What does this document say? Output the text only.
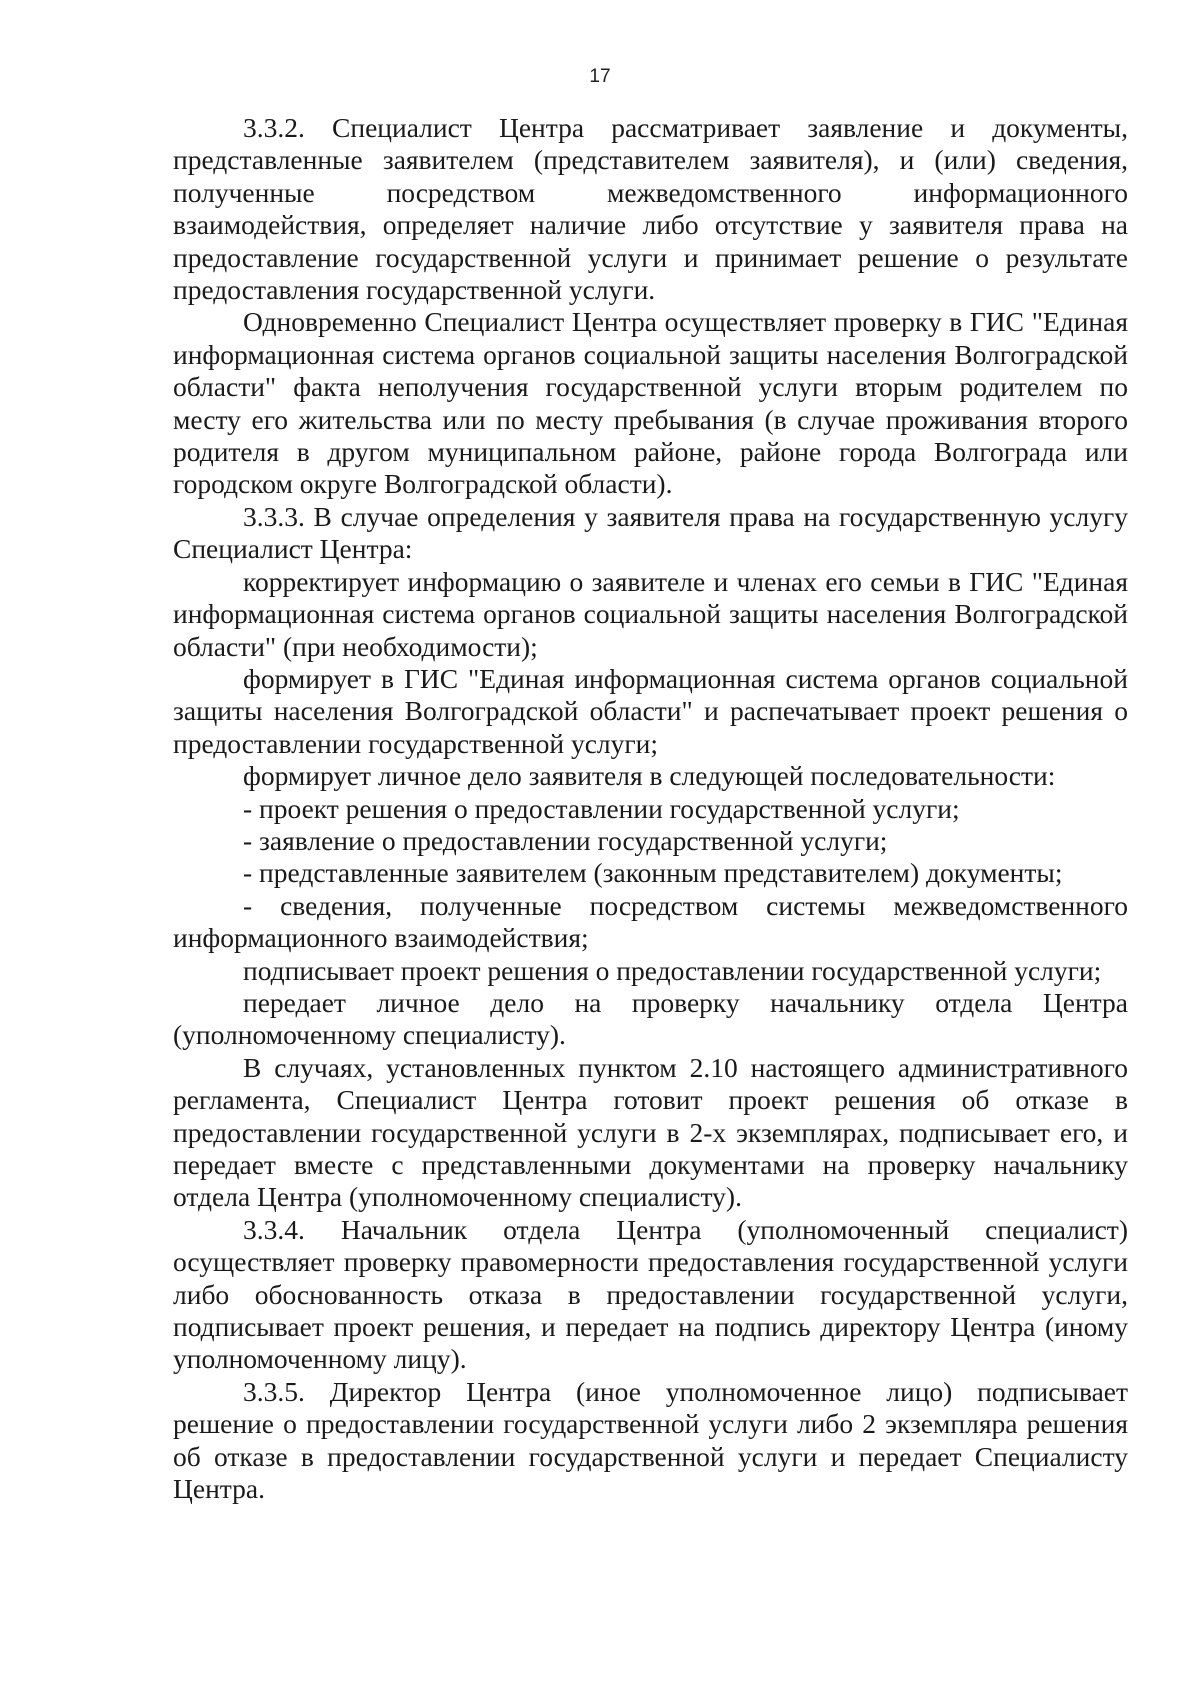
17

3.3.2. Специалист Центра рассматривает заявление и документы, представленные заявителем (представителем заявителя), и (или) сведения, полученные посредством межведомственного информационного взаимодействия, определяет наличие либо отсутствие у заявителя права на предоставление государственной услуги и принимает решение о результате предоставления государственной услуги.

Одновременно Специалист Центра осуществляет проверку в ГИС "Единая информационная система органов социальной защиты населения Волгоградской области" факта неполучения государственной услуги вторым родителем по месту его жительства или по месту пребывания (в случае проживания второго родителя в другом муниципальном районе, районе города Волгограда или городском округе Волгоградской области).

3.3.3. В случае определения у заявителя права на государственную услугу Специалист Центра:

корректирует информацию о заявителе и членах его семьи в ГИС "Единая информационная система органов социальной защиты населения Волгоградской области" (при необходимости);

формирует в ГИС "Единая информационная система органов социальной защиты населения Волгоградской области" и распечатывает проект решения о предоставлении государственной услуги;

формирует личное дело заявителя в следующей последовательности:

- проект решения о предоставлении государственной услуги;

- заявление о предоставлении государственной услуги;

- представленные заявителем (законным представителем) документы;

- сведения, полученные посредством системы межведомственного информационного взаимодействия;

подписывает проект решения о предоставлении государственной услуги;

передает личное дело на проверку начальнику отдела Центра (уполномоченному специалисту).

В случаях, установленных пунктом 2.10 настоящего административного регламента, Специалист Центра готовит проект решения об отказе в предоставлении государственной услуги в 2-х экземплярах, подписывает его, и передает вместе с представленными документами на проверку начальнику отдела Центра (уполномоченному специалисту).

3.3.4. Начальник отдела Центра (уполномоченный специалист) осуществляет проверку правомерности предоставления государственной услуги либо обоснованность отказа в предоставлении государственной услуги, подписывает проект решения, и передает на подпись директору Центра (иному уполномоченному лицу).

3.3.5. Директор Центра (иное уполномоченное лицо) подписывает решение о предоставлении государственной услуги либо 2 экземпляра решения об отказе в предоставлении государственной услуги и передает Специалисту Центра.
